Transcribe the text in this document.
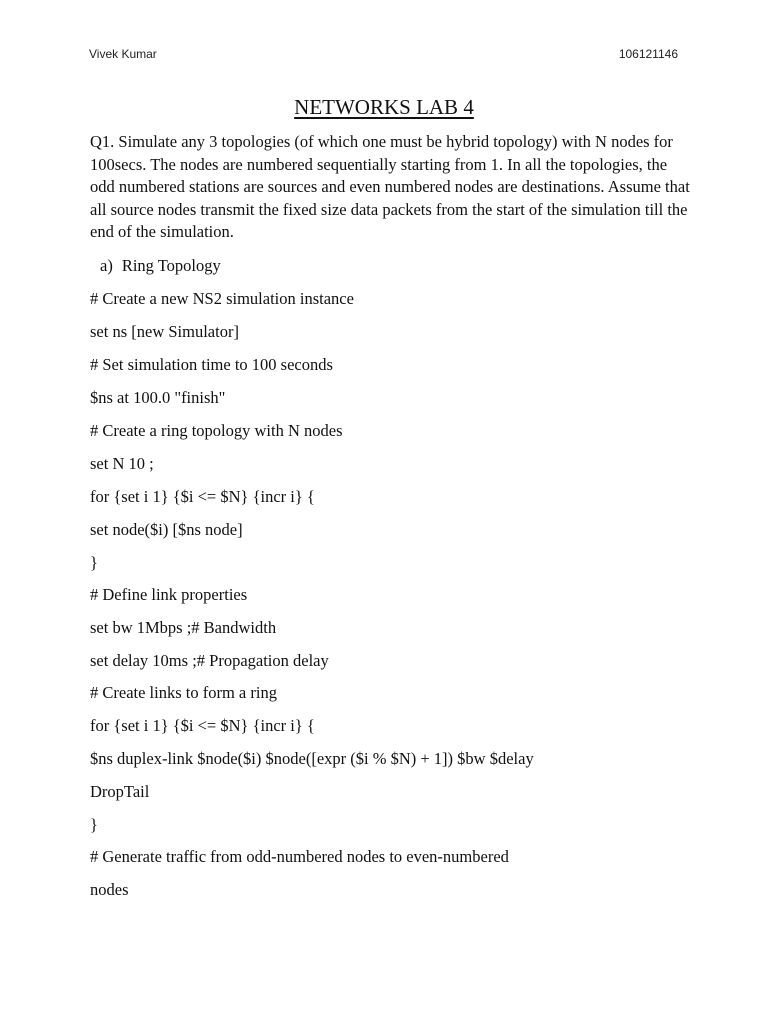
Vivek Kumar	106121146
NETWORKS LAB 4

Q1. Simulate any 3 topologies (of which one must be hybrid topology) with N nodes for 100secs. The nodes are numbered sequentially starting from 1. In all the topologies, the odd numbered stations are sources and even numbered nodes are destinations. Assume that all source nodes transmit the fixed size data packets from the start of the simulation till the end of the simulation.

a) Ring Topology
# Create a new NS2 simulation instance
set ns [new Simulator]
# Set simulation time to 100 seconds
$ns at 100.0 "finish"
# Create a ring topology with N nodes
set N 10 ;
for {set i 1} {$i <= $N} {incr i} {
set node($i) [$ns node]
}
# Define link properties
set bw 1Mbps ;# Bandwidth
set delay 10ms ;# Propagation delay
# Create links to form a ring
for {set i 1} {$i <= $N} {incr i} {
$ns duplex-link $node($i) $node([expr ($i % $N) + 1]) $bw $delay
DropTail
}
# Generate traffic from odd-numbered nodes to even-numbered
nodes
